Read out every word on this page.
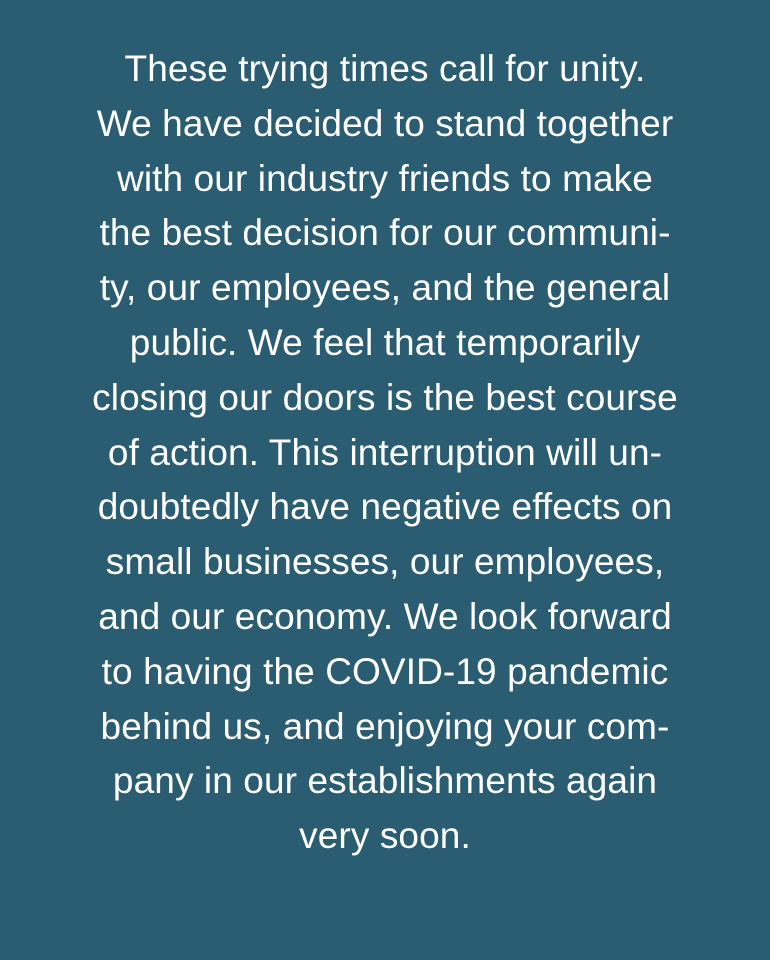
These trying times call for unity.
We have decided to stand together
with our industry friends to make
the best decision for our communi-
ty, our employees, and the general
public. We feel that temporarily
closing our doors is the best course
of action. This interruption will un-
doubtedly have negative effects on
small businesses, our employees,
and our economy. We look forward
to having the COVID-19 pandemic
behind us, and enjoying your com-
pany in our establishments again
very soon.
